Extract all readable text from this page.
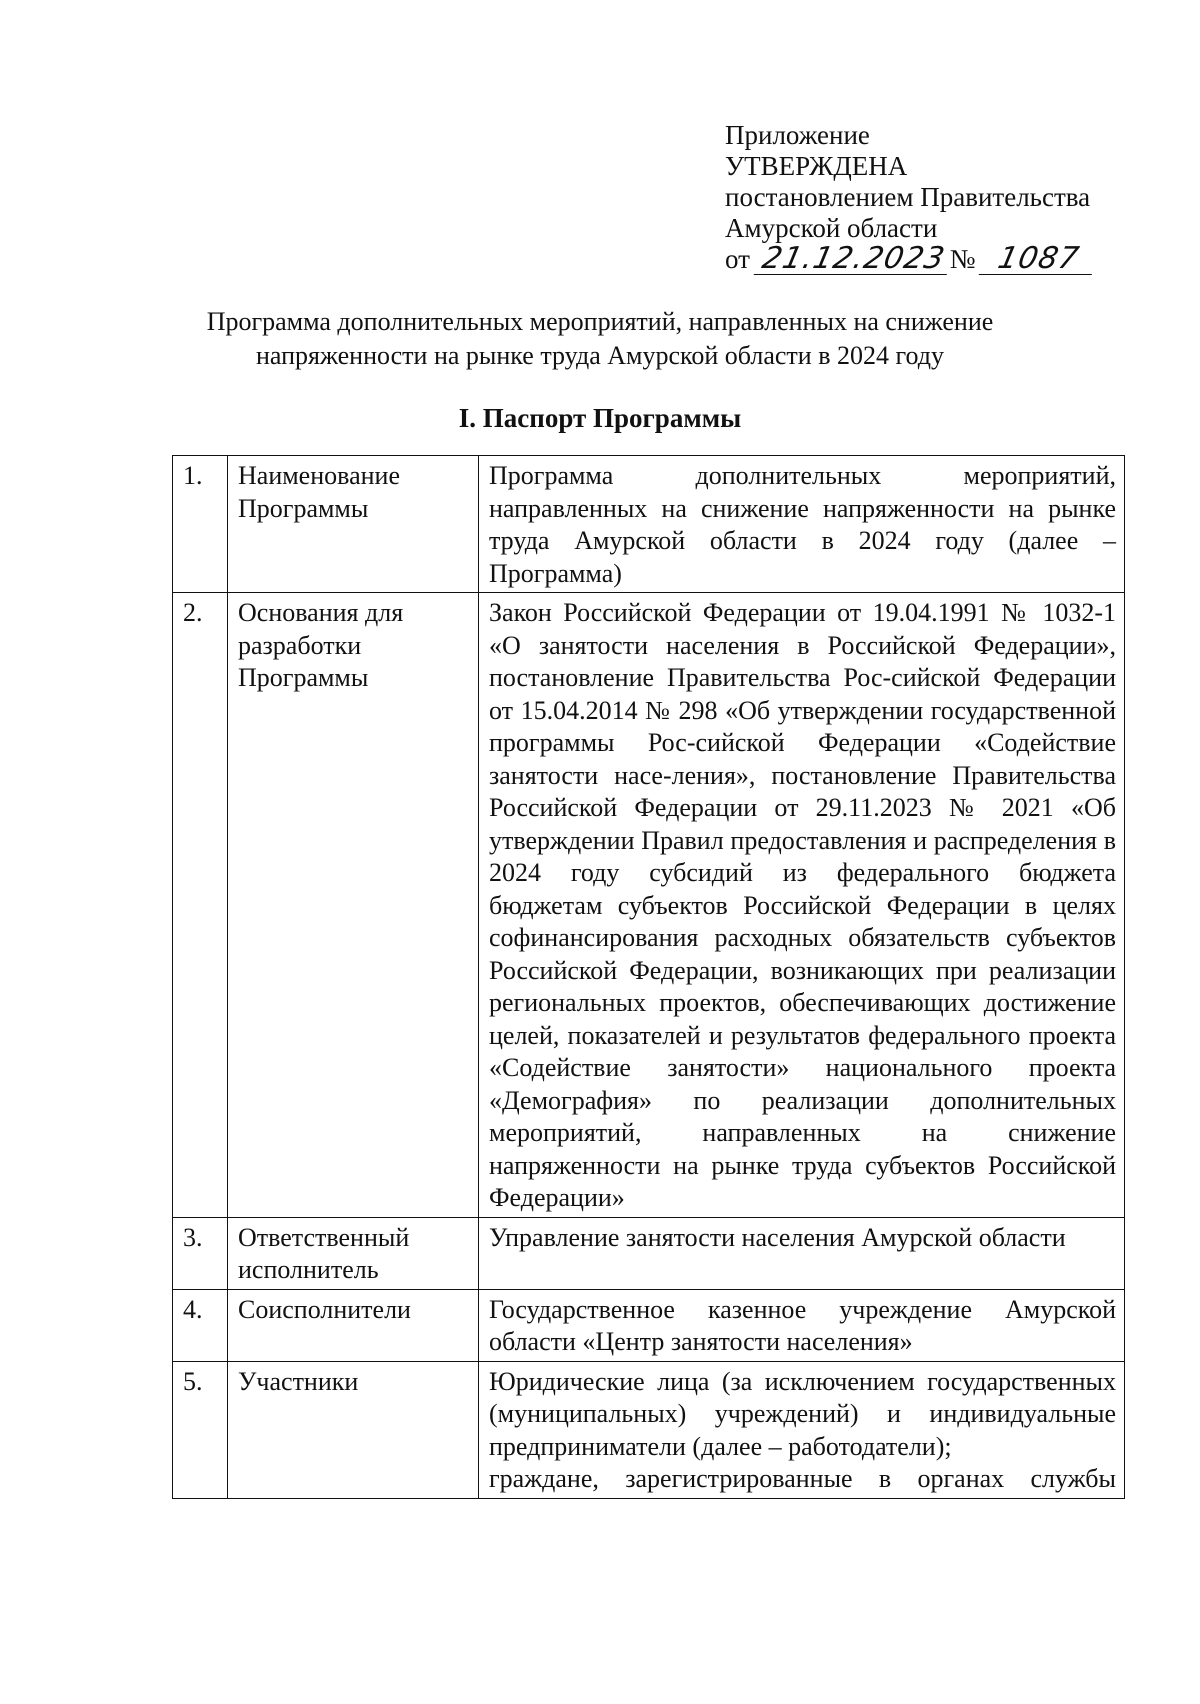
Приложение
УТВЕРЖДЕНА
постановлением Правительства
Амурской области
от 21.12.2023№ 1087
Программа дополнительных мероприятий, направленных на снижение
напряженности на рынке труда Амурской области в 2024 году
I. Паспорт Программы
1.	Наименование Программы	Программа дополнительных мероприятий, направленных на снижение напряженности на рынке труда Амурской области в 2024 году (далее – Программа)
2.	Основания для разработки Программы	Закон Российской Федерации от 19.04.1991 № 1032-1 «О занятости населения в Российской Федерации», постановление Правительства Рос-сийской Федерации от 15.04.2014 № 298 «Об утверждении государственной программы Рос-сийской Федерации «Содействие занятости насе-ления», постановление Правительства Российской Федерации от 29.11.2023 № 2021 «Об утверждении Правил предоставления и распределения в 2024 году субсидий из федерального бюджета бюджетам субъектов Российской Федерации в целях софинансирования расходных обязательств субъектов Российской Федерации, возникающих при реализации региональных проектов, обеспечивающих достижение целей, показателей и результатов федерального проекта «Содействие занятости» национального проекта «Демография» по реализации дополнительных мероприятий, направленных на снижение напряженности на рынке труда субъектов Российской Федерации»
3.	Ответственный исполнитель	Управление занятости населения Амурской области
4.	Соисполнители	Государственное казенное учреждение Амурской области «Центр занятости населения»
5.	Участники	Юридические лица (за исключением государственных (муниципальных) учреждений) и индивидуальные предприниматели (далее – работодатели);
граждане, зарегистрированные в органах службы
